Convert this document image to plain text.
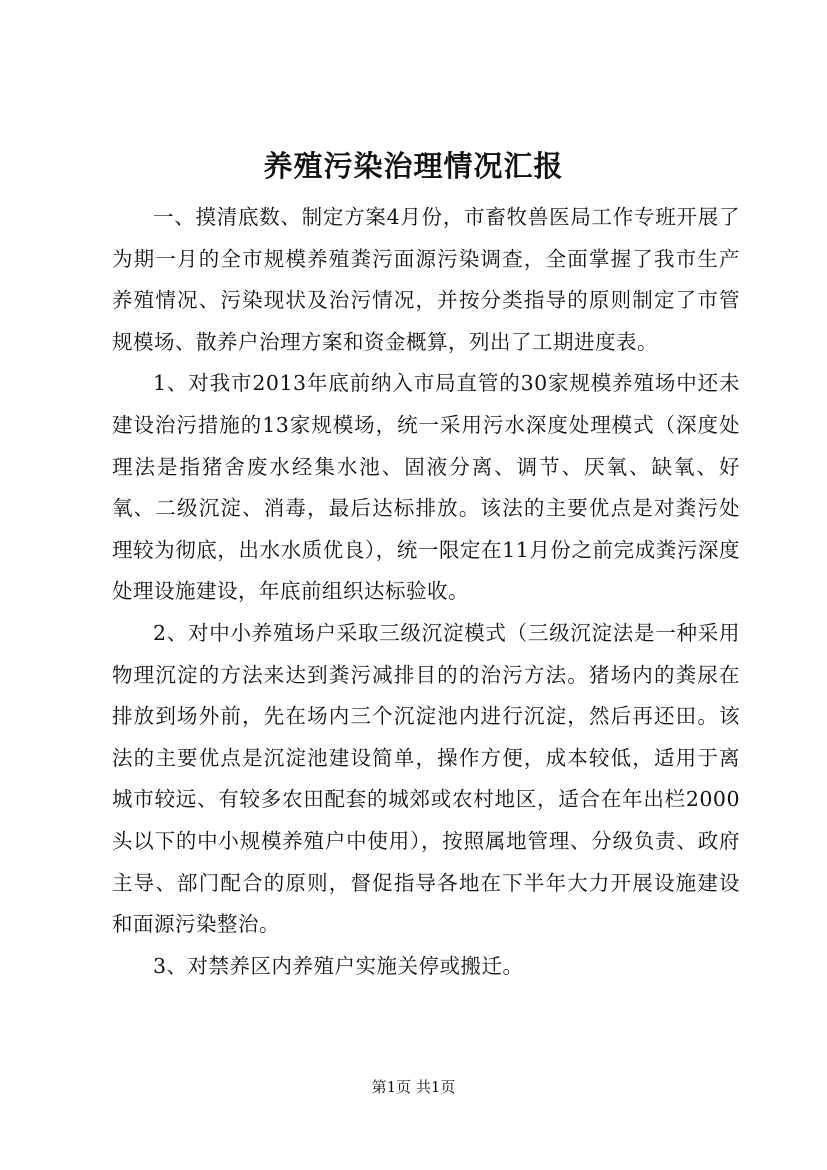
养殖污染治理情况汇报

一、摸清底数、制定方案4月份，市畜牧兽医局工作专班开展了为期一月的全市规模养殖粪污面源污染调查，全面掌握了我市生产养殖情况、污染现状及治污情况，并按分类指导的原则制定了市管规模场、散养户治理方案和资金概算，列出了工期进度表。

1、对我市2013年底前纳入市局直管的30家规模养殖场中还未建设治污措施的13家规模场，统一采用污水深度处理模式（深度处理法是指猪舍废水经集水池、固液分离、调节、厌氧、缺氧、好氧、二级沉淀、消毒，最后达标排放。该法的主要优点是对粪污处理较为彻底，出水水质优良），统一限定在11月份之前完成粪污深度处理设施建设，年底前组织达标验收。

2、对中小养殖场户采取三级沉淀模式（三级沉淀法是一种采用物理沉淀的方法来达到粪污减排目的的治污方法。猪场内的粪尿在排放到场外前，先在场内三个沉淀池内进行沉淀，然后再还田。该法的主要优点是沉淀池建设简单，操作方便，成本较低，适用于离城市较远、有较多农田配套的城郊或农村地区，适合在年出栏2000头以下的中小规模养殖户中使用），按照属地管理、分级负责、政府主导、部门配合的原则，督促指导各地在下半年大力开展设施建设和面源污染整治。

3、对禁养区内养殖户实施关停或搬迁。

第1页 共1页
